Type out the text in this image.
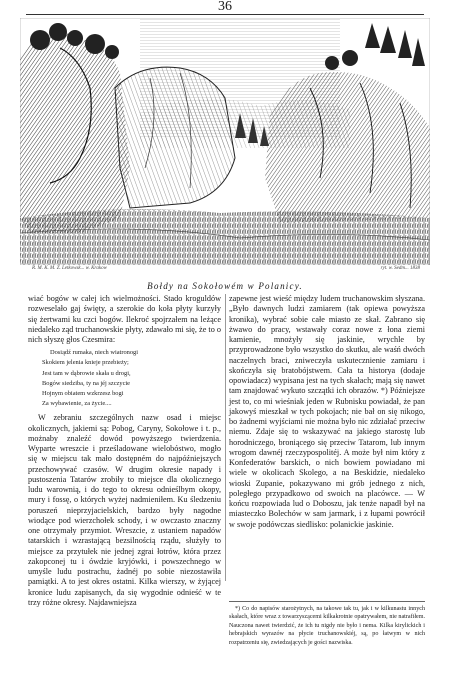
36
R. M. K. M. Z. Letkowsk... w. Krakow	ryt. w. Sedm... 1838
Bołdy na Sokołowém w Polanicy.

wiać bogów w całej ich wielmożności. Stado kroguldów rozweselało gaj święty, a szerokie do koła płyty kurzyły się żertwami ku czci bogów. Ilekroć spojrzałem na leżące niedaleko ząd truchanowskie płyty, zdawało mi się, że to o nich słyszę głos Czesmira:

Dosiądź rumaka, niech wiatronogi
Skokiem jelenia knieje przebieży;
Jest tam w dąbrowie skała u drogi,
Bogów siedziba, ty na jéj szczycie
Hojnym obiatem wzkrzesz bogi
Za wybawienie, za życie....

W zebraniu szczególnych nazw osad i miejsc okolicznych, jakiemi są: Pobog, Caryny, Sokołowe i t. p., możnaby znaleźć dowód powyższego twierdzenia. Wyparte wreszcie i prześladowane wielobóstwo, mogło się w miejscu tak mało dostępném do najpóźniejszych przechowywać czasów. W drugim okresie napady i pustoszenia Tatarów zrobiły to miejsce dla okolicznego ludu warownią, i do tego to okresu odnieślbym okopy, mury i fossę, o których wyżej nadmieniłem. Ku śledzeniu poruszeń nieprzyjacielskich, bardzo były nagodne wiodące pod wierzchołek schody, i w owczasto znaczny one otrzymały przymiot. Wreszcie, z ustaniem napadów tatarskich i wzrastającą bezsilnością rządu, służyły to miejsce za przytułek nie jednej zgrai łotrów, która przez zakopconej tu i ówdzie kryjówki, i powszechnego w umyśle ludu postrachu, żadnéj po sobie niezostawiła pamiątki. A to jest okres ostatni. Kilka wierszy, w żyjącej kronice ludu zapisanych, da się wygodnie odnieść w te trzy różne okresy. Najdawniejsza

zapewne jest wieść między ludem truchanowskim słyszana. „Było dawnych ludzi zamiarem (tak opiewa powyższa kronika), wybrać sobie całe miasto ze skał. Zabrano się żwawo do pracy, wstawały coraz nowe z łona ziemi kamienie, mnożyły się jaskinie, wrychle by przyprowadzone było wszystko do skutku, ale waśń dwóch naczelnych braci, zniweczyła uskutecznienie zamiaru i skończyła się bratobójstwem. Cała ta historya (dodaje opowiadacz) wypisana jest na tych skałach; mają się nawet tam znajdować wykuto szczątki ich obrazów. *) Późniejsze jest to, co mi wieśniak jeden w Rubnisku powiadał, że pan jakowyś mieszkał w tych pokojach; nie bał on się nikogo, bo żadnemi wyjściami nie można było nic zdziałać przeciw niemu. Zdaje się to wskazywać na jakiego starostę lub horodniczego, broniącego się przeciw Tatarom, lub innym wrogom dawnéj rzeczypospolitéj. A może był nim który z Konfederatów barskich, o nich bowiem powiadano mi wiele w okolicach Skolego, a na Beskidzie, niedaleko wioski Zupanie, pokazywano mi grób jednego z nich, poległego przypadkowo od swoich na placówce. — W końcu rozpowiada lud o Doboszu, jak tenże napadł był na miasteczko Bolechów w sam jarmark, i z łupami powrócił w swoje podówczas siedlisko: polanickie jaskinie.

*) Co do napisów starożytnych, na takowe tak tu, jak i w kilkunastu innych skałach, które wraz z towarzyszącemi kilkakrotnie opatrywałem, nie natrafiłem. Nauczona nawet twierdzić, że ich tu nigdy nie było i nema. Kilka kirylickich i hebrajskich wyrazów na płycie truchanowskiéj, są, po łatwym w nich rozpatrzeniu się, zwiedzających je gości nazwiska.
